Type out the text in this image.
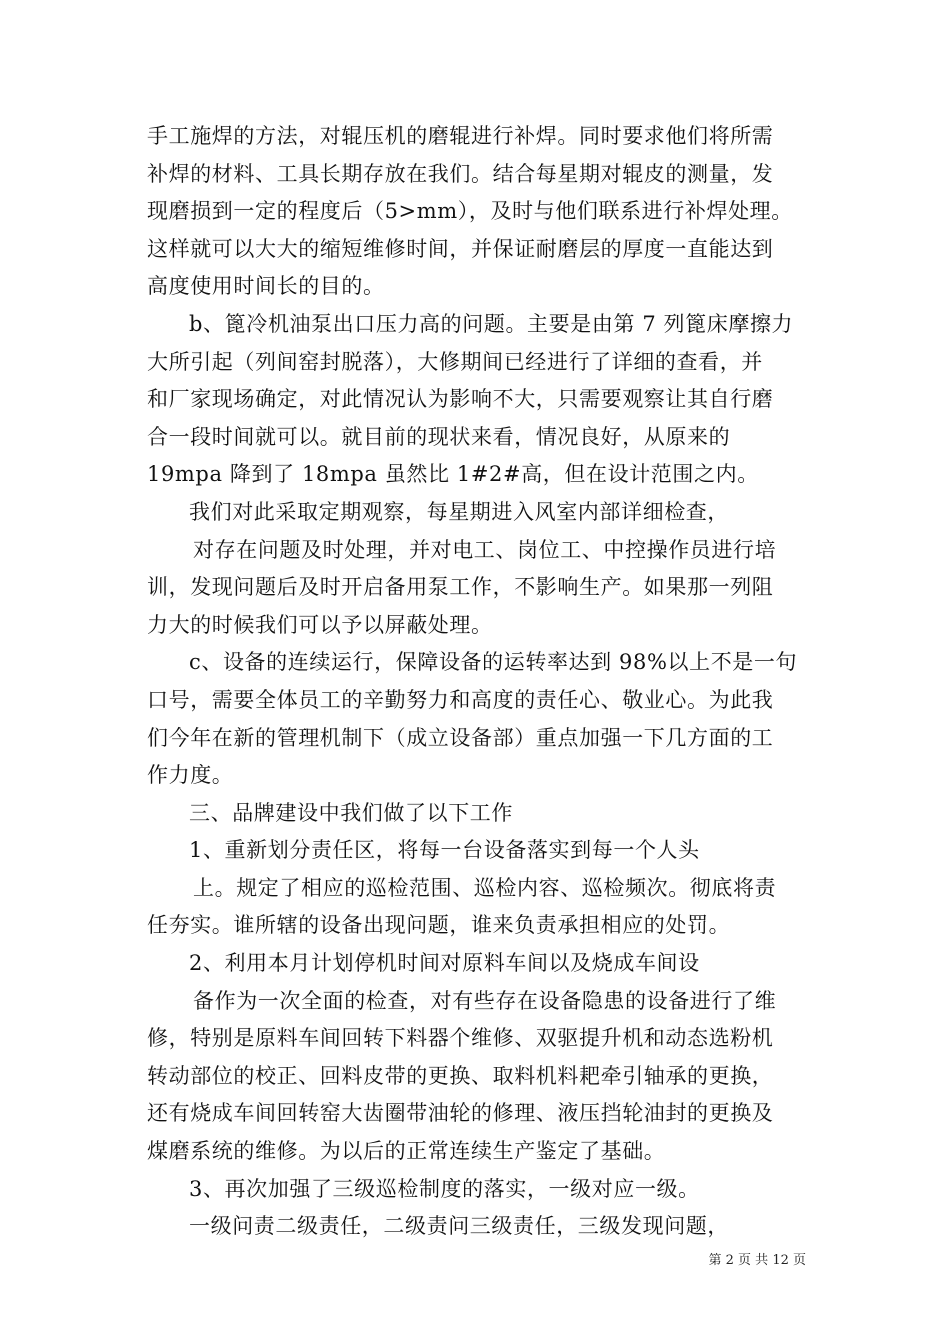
手工施焊的方法，对辊压机的磨辊进行补焊。同时要求他们将所需
补焊的材料、工具长期存放在我们。结合每星期对辊皮的测量，发
现磨损到一定的程度后（5>mm），及时与他们联系进行补焊处理。
这样就可以大大的缩短维修时间，并保证耐磨层的厚度一直能达到
高度使用时间长的目的。
b、篦冷机油泵出口压力高的问题。主要是由第 7 列篦床摩擦力
大所引起（列间窑封脱落），大修期间已经进行了详细的查看，并
和厂家现场确定，对此情况认为影响不大，只需要观察让其自行磨
合一段时间就可以。就目前的现状来看，情况良好，从原来的
19mpa 降到了 18mpa 虽然比 1#2#高，但在设计范围之内。
我们对此采取定期观察，每星期进入风室内部详细检查，
对存在问题及时处理，并对电工、岗位工、中控操作员进行培
训，发现问题后及时开启备用泵工作，不影响生产。如果那一列阻
力大的时候我们可以予以屏蔽处理。
c、设备的连续运行，保障设备的运转率达到 98%以上不是一句
口号，需要全体员工的辛勤努力和高度的责任心、敬业心。为此我
们今年在新的管理机制下（成立设备部）重点加强一下几方面的工
作力度。
三、品牌建设中我们做了以下工作
1、重新划分责任区，将每一台设备落实到每一个人头
上。规定了相应的巡检范围、巡检内容、巡检频次。彻底将责
任夯实。谁所辖的设备出现问题，谁来负责承担相应的处罚。
2、利用本月计划停机时间对原料车间以及烧成车间设
备作为一次全面的检查，对有些存在设备隐患的设备进行了维
修，特别是原料车间回转下料器个维修、双驱提升机和动态选粉机
转动部位的校正、回料皮带的更换、取料机料耙牵引轴承的更换，
还有烧成车间回转窑大齿圈带油轮的修理、液压挡轮油封的更换及
煤磨系统的维修。为以后的正常连续生产鉴定了基础。
3、再次加强了三级巡检制度的落实，一级对应一级。
一级问责二级责任，二级责问三级责任，三级发现问题，
第 2 页 共 12 页
